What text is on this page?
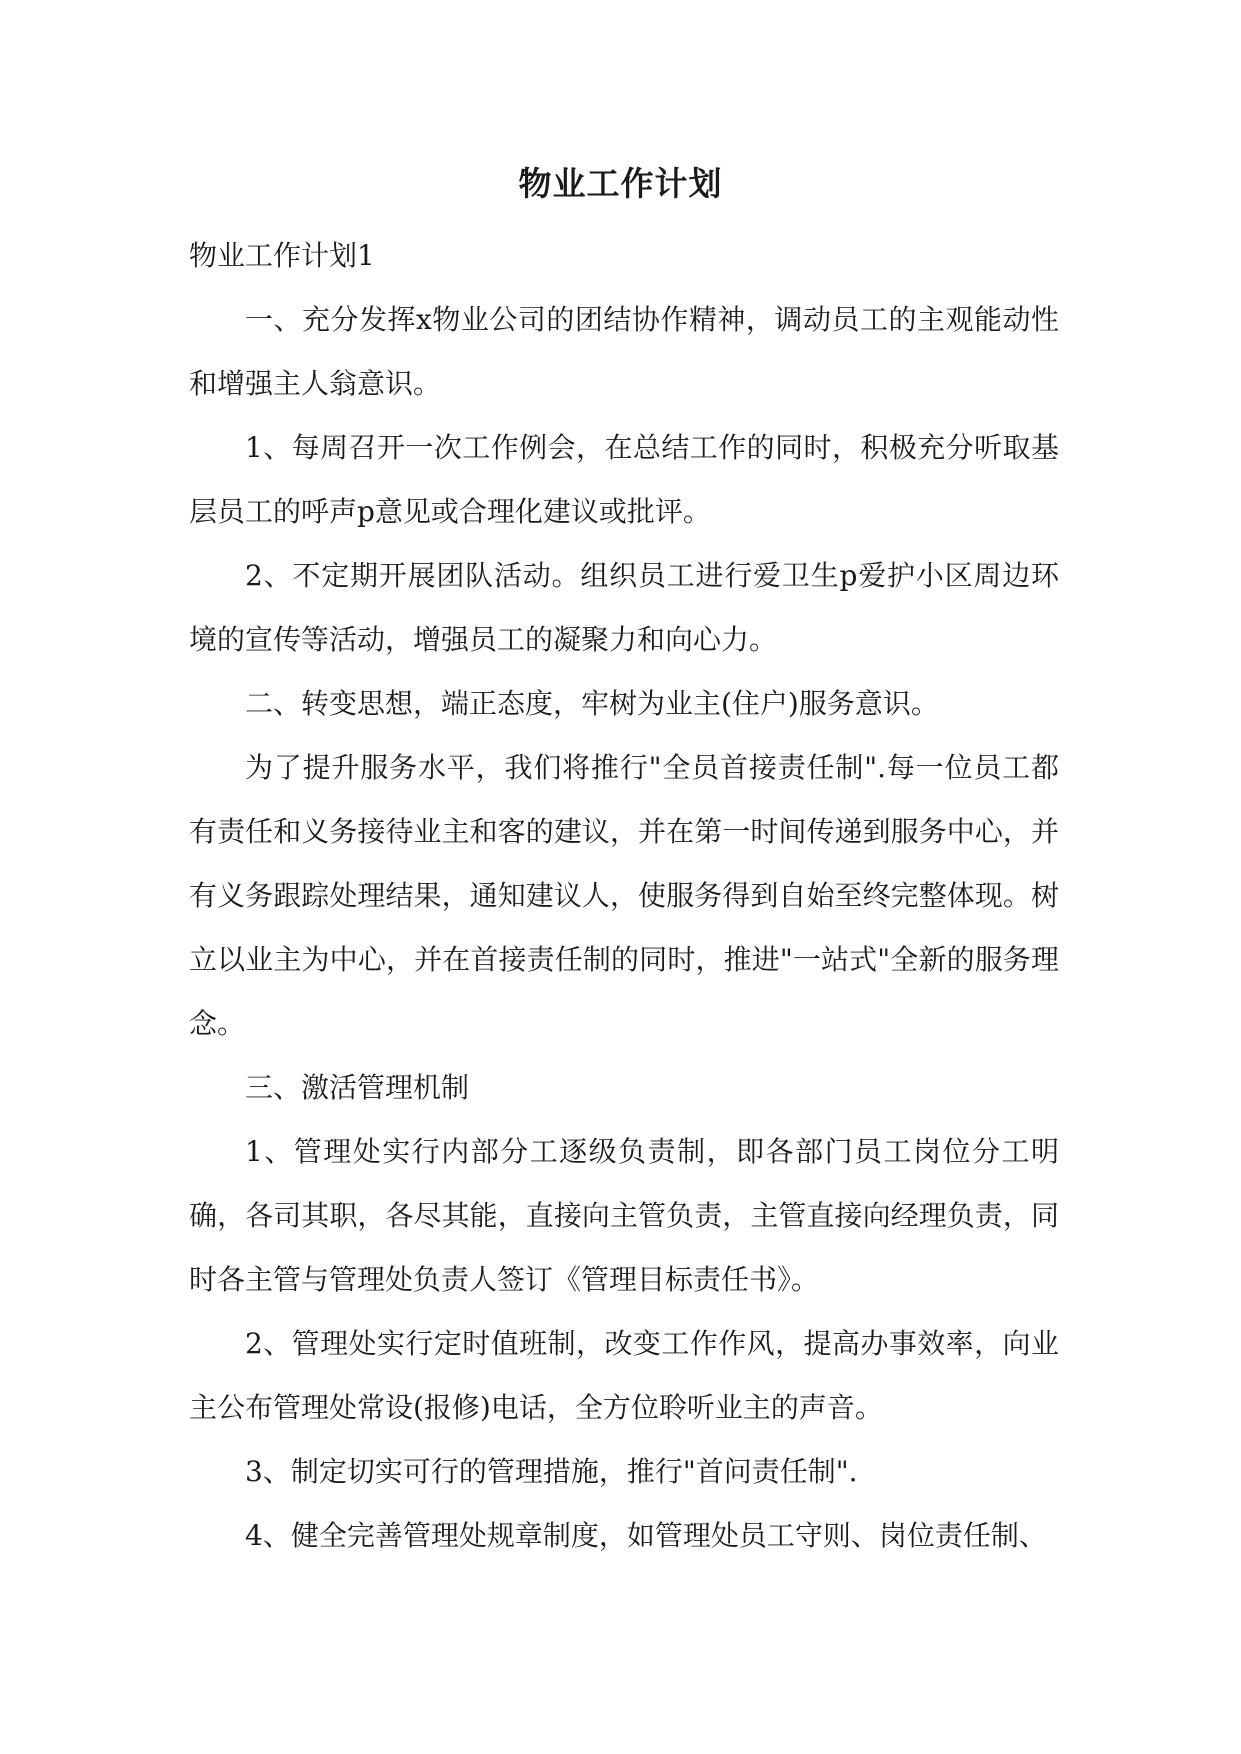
物业工作计划

物业工作计划1

一、充分发挥x物业公司的团结协作精神，调动员工的主观能动性和增强主人翁意识。

1、每周召开一次工作例会，在总结工作的同时，积极充分听取基层员工的呼声p意见或合理化建议或批评。

2、不定期开展团队活动。组织员工进行爱卫生p爱护小区周边环境的宣传等活动，增强员工的凝聚力和向心力。

二、转变思想，端正态度，牢树为业主(住户)服务意识。

为了提升服务水平，我们将推行"全员首接责任制".每一位员工都有责任和义务接待业主和客的建议，并在第一时间传递到服务中心，并有义务跟踪处理结果，通知建议人，使服务得到自始至终完整体现。树立以业主为中心，并在首接责任制的同时，推进"一站式"全新的服务理念。

三、激活管理机制

1、管理处实行内部分工逐级负责制，即各部门员工岗位分工明确，各司其职，各尽其能，直接向主管负责，主管直接向经理负责，同时各主管与管理处负责人签订《管理目标责任书》。

2、管理处实行定时值班制，改变工作作风，提高办事效率，向业主公布管理处常设(报修)电话，全方位聆听业主的声音。

3、制定切实可行的管理措施，推行"首问责任制".

4、健全完善管理处规章制度，如管理处员工守则、岗位责任制、
